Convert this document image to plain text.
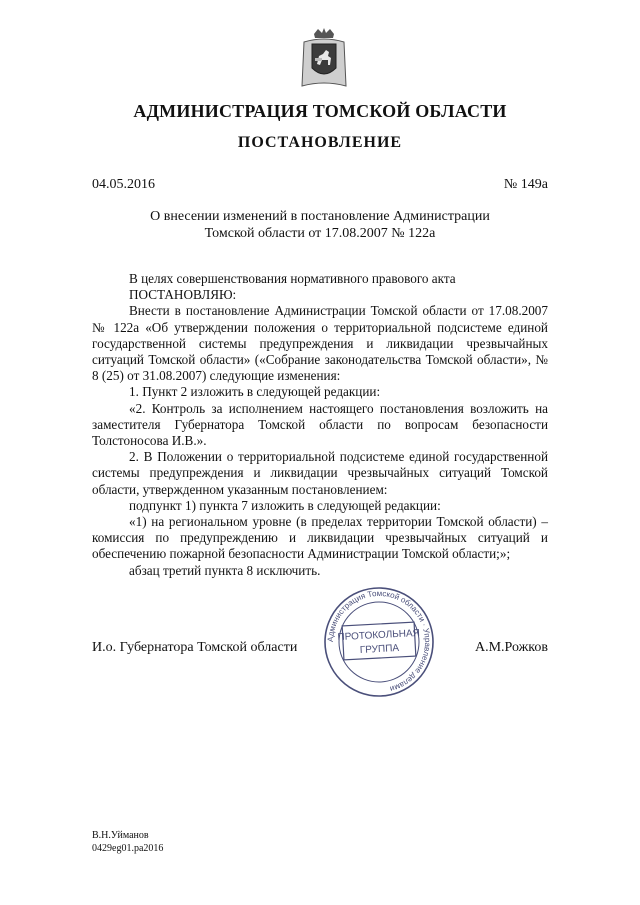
АДМИНИСТРАЦИЯ ТОМСКОЙ ОБЛАСТИ
ПОСТАНОВЛЕНИЕ
04.05.2016	№ 149а
О внесении изменений в постановление Администрации
Томской области от 17.08.2007 № 122а

В целях совершенствования нормативного правового акта

ПОСТАНОВЛЯЮ:

Внести в постановление Администрации Томской области от 17.08.2007 № 122а «Об утверждении положения о территориальной подсистеме единой государственной системы предупреждения и ликвидации чрезвычайных ситуаций Томской области» («Собрание законодательства Томской области», № 8 (25) от 31.08.2007) следующие изменения:

1. Пункт 2 изложить в следующей редакции:

«2. Контроль за исполнением настоящего постановления возложить на заместителя Губернатора Томской области по вопросам безопасности Толстоносова И.В.».

2. В Положении о территориальной подсистеме единой государственной системы предупреждения и ликвидации чрезвычайных ситуаций Томской области, утвержденном указанным постановлением:

подпункт 1) пункта 7 изложить в следующей редакции:

«1) на региональном уровне (в пределах территории Томской области) – комиссия по предупреждению и ликвидации чрезвычайных ситуаций и обеспечению пожарной безопасности Администрации Томской области;»;

абзац третий пункта 8 исключить.

И.о. Губернатора Томской области	А.М.Рожков
Администрация Томской области · Управление делами
ПРОТОКОЛЬНАЯ
ГРУППА
В.Н.Уйманов
0429eg01.pa2016
